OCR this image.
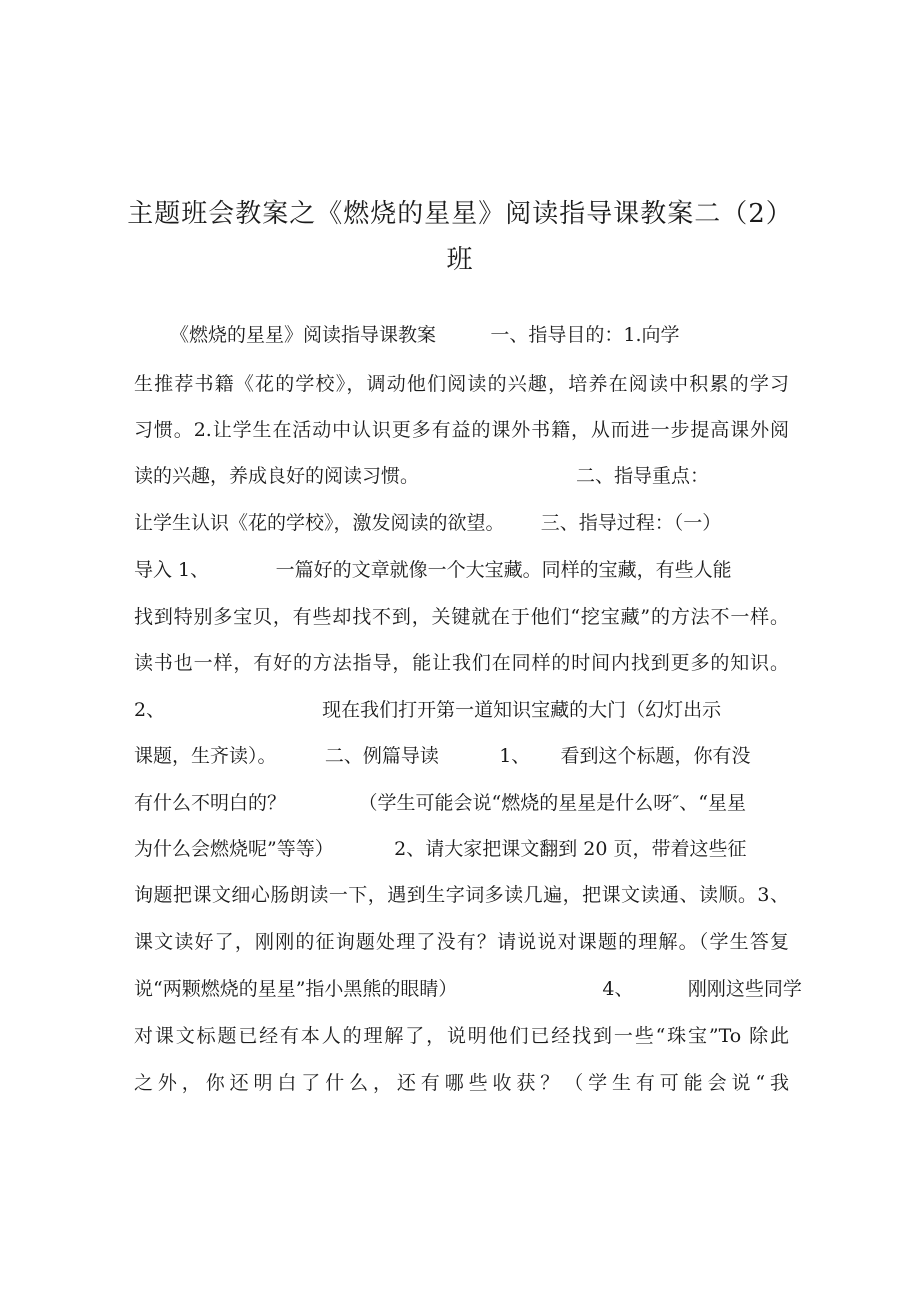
主题班会教案之《燃烧的星星》阅读指导课教案二（2）
班
《燃烧的星星》阅读指导课教案         一、指导目的：1.向学
生推荐书籍《花的学校》，调动他们阅读的兴趣，培养在阅读中积累的学习
习惯。2.让学生在活动中认识更多有益的课外书籍，从而进一步提高课外阅
读的兴趣，养成良好的阅读习惯。                          二、指导重点：
让学生认识《花的学校》，激发阅读的欲望。      三、指导过程：（一）
导入 1、           一篇好的文章就像一个大宝藏。同样的宝藏，有些人能
找到特别多宝贝，有些却找不到，关键就在于他们“挖宝藏”的方法不一样。
读书也一样，有好的方法指导，能让我们在同样的时间内找到更多的知识。
2、                          现在我们打开第一道知识宝藏的大门（幻灯出示
课题，生齐读）。        二、例篇导读          1、     看到这个标题，你有没
有什么不明白的？            （学生可能会说“燃烧的星星是什么呀″、“星星
为什么会燃烧呢”等等）          2、请大家把课文翻到 20 页，带着这些征
询题把课文细心肠朗读一下，遇到生字词多读几遍，把课文读通、读顺。3、
课文读好了，刚刚的征询题处理了没有？请说说对课题的理解。（学生答复
说“两颗燃烧的星星”指小黑熊的眼睛）                        4、         刚刚这些同学
对课文标题已经有本人的理解了，说明他们已经找到一些“珠宝”To 除此
之外，你还明白了什么，还有哪些收获？（学生有可能会说“我
